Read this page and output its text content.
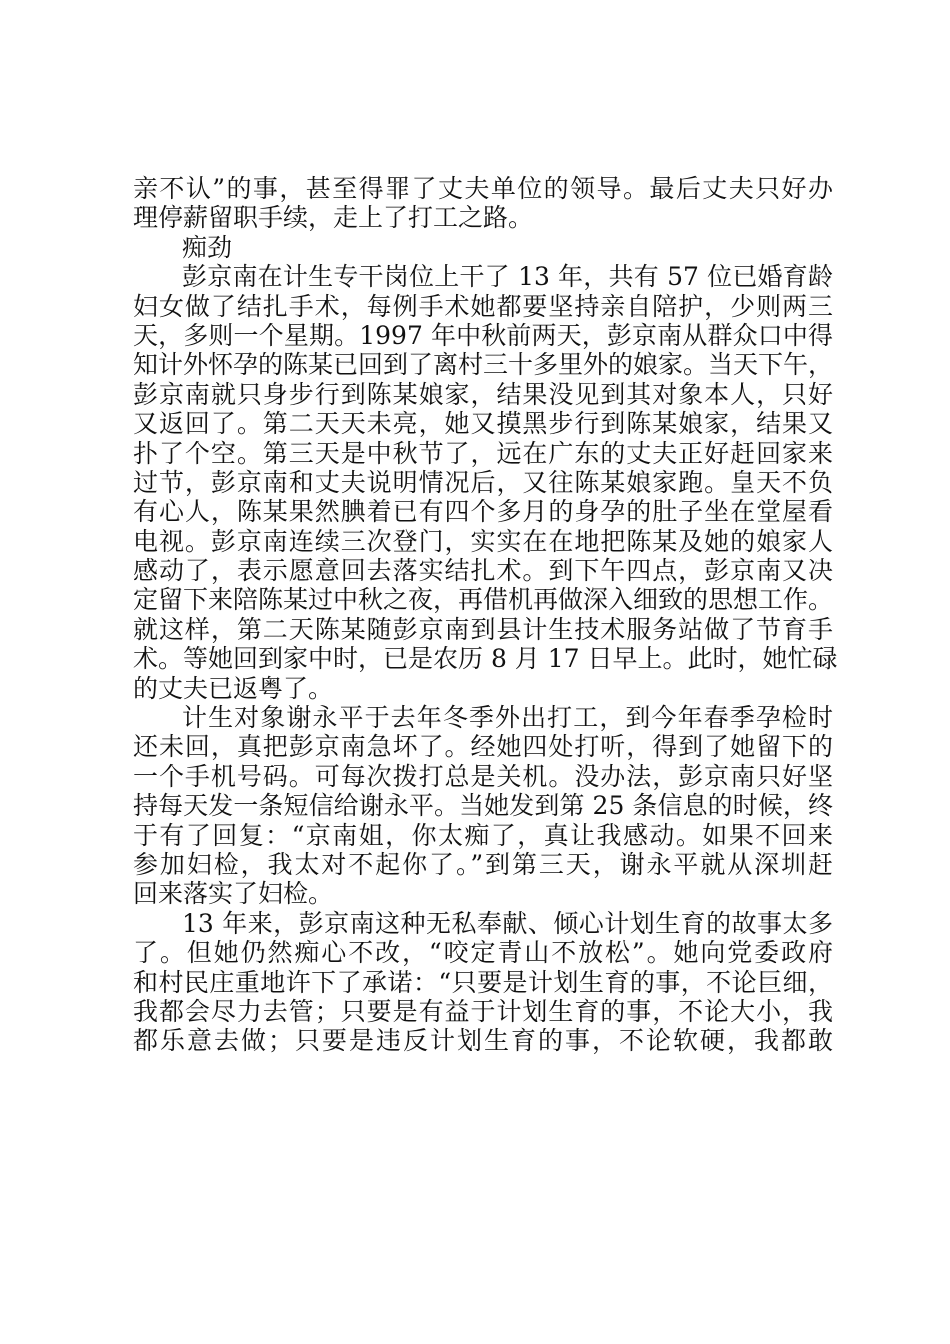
亲不认”的事，甚至得罪了丈夫单位的领导。最后丈夫只好办
理停薪留职手续，走上了打工之路。
痴劲
彭京南在计生专干岗位上干了 13 年，共有 57 位已婚育龄
妇女做了结扎手术，每例手术她都要坚持亲自陪护，少则两三
天，多则一个星期。1997 年中秋前两天，彭京南从群众口中得
知计外怀孕的陈某已回到了离村三十多里外的娘家。当天下午，
彭京南就只身步行到陈某娘家，结果没见到其对象本人，只好
又返回了。第二天天未亮，她又摸黑步行到陈某娘家，结果又
扑了个空。第三天是中秋节了，远在广东的丈夫正好赶回家来
过节，彭京南和丈夫说明情况后，又往陈某娘家跑。皇天不负
有心人，陈某果然腆着已有四个多月的身孕的肚子坐在堂屋看
电视。彭京南连续三次登门，实实在在地把陈某及她的娘家人
感动了，表示愿意回去落实结扎术。到下午四点，彭京南又决
定留下来陪陈某过中秋之夜，再借机再做深入细致的思想工作。
就这样，第二天陈某随彭京南到县计生技术服务站做了节育手
术。等她回到家中时，已是农历 8 月 17 日早上。此时，她忙碌
的丈夫已返粤了。
计生对象谢永平于去年冬季外出打工，到今年春季孕检时
还未回，真把彭京南急坏了。经她四处打听，得到了她留下的
一个手机号码。可每次拨打总是关机。没办法，彭京南只好坚
持每天发一条短信给谢永平。当她发到第 25 条信息的时候，终
于有了回复：“京南姐，你太痴了，真让我感动。如果不回来
参加妇检，我太对不起你了。”到第三天，谢永平就从深圳赶
回来落实了妇检。
13 年来，彭京南这种无私奉献、倾心计划生育的故事太多
了。但她仍然痴心不改，“咬定青山不放松”。她向党委政府
和村民庄重地许下了承诺：“只要是计划生育的事，不论巨细，
我都会尽力去管；只要是有益于计划生育的事，不论大小，我
都乐意去做；只要是违反计划生育的事，不论软硬，我都敢
